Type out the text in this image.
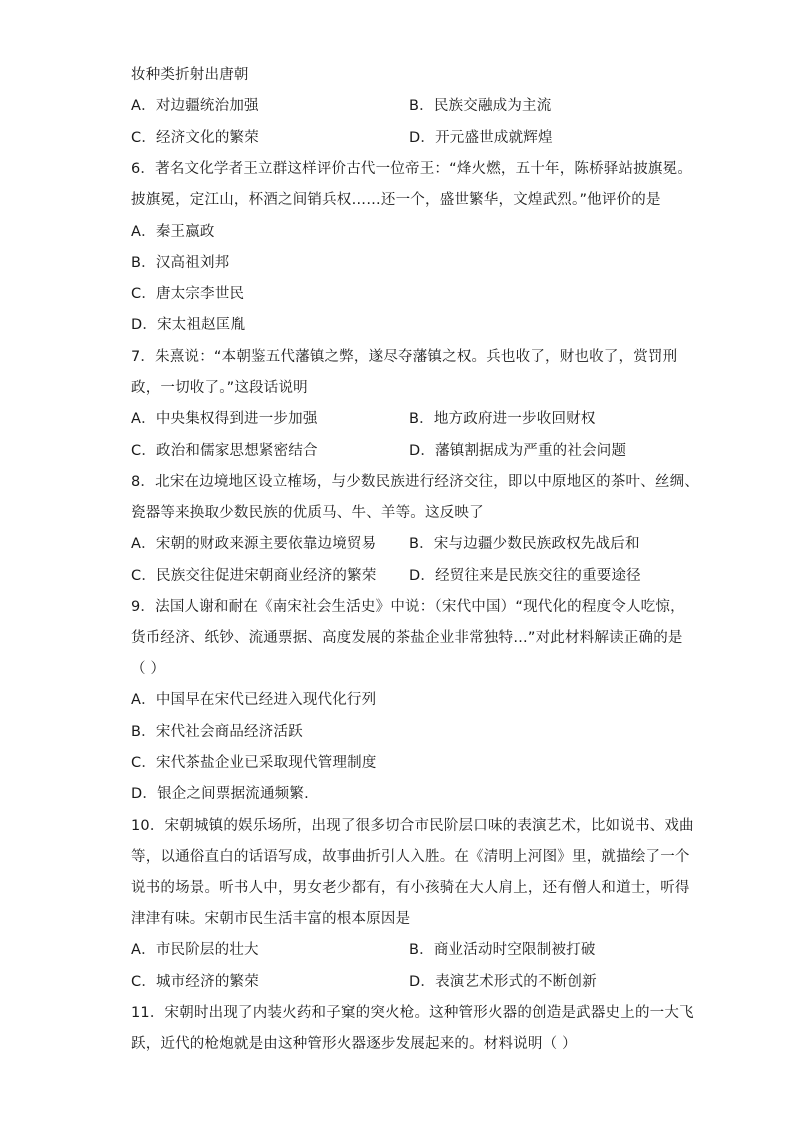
妆种类折射出唐朝
A．对边疆统治加强	B．民族交融成为主流
C．经济文化的繁荣	D．开元盛世成就辉煌
6．著名文化学者王立群这样评价古代一位帝王：“烽火燃，五十年，陈桥驿站披旗冕。
披旗冕，定江山，杯酒之间销兵权……还一个，盛世繁华，文煌武烈。”他评价的是
A．秦王嬴政
B．汉高祖刘邦
C．唐太宗李世民
D．宋太祖赵匡胤
7．朱熹说：“本朝鉴五代藩镇之弊，遂尽夺藩镇之权。兵也收了，财也收了，赏罚刑
政，一切收了。”这段话说明
A．中央集权得到进一步加强	B．地方政府进一步收回财权
C．政治和儒家思想紧密结合	D．藩镇割据成为严重的社会问题
8．北宋在边境地区设立榷场，与少数民族进行经济交往，即以中原地区的茶叶、丝绸、
瓷器等来换取少数民族的优质马、牛、羊等。这反映了
A．宋朝的财政来源主要依靠边境贸易 B．宋与边疆少数民族政权先战后和
C．民族交往促进宋朝商业经济的繁荣 D．经贸往来是民族交往的重要途径
9．法国人谢和耐在《南宋社会生活史》中说：（宋代中国）“现代化的程度令人吃惊，
货币经济、纸钞、流通票据、高度发展的茶盐企业非常独特…”对此材料解读正确的是
（ ）
A．中国早在宋代已经进入现代化行列
B．宋代社会商品经济活跃
C．宋代茶盐企业已采取现代管理制度
D．银企之间票据流通频繁.
10．宋朝城镇的娱乐场所，出现了很多切合市民阶层口味的表演艺术，比如说书、戏曲
等，以通俗直白的话语写成，故事曲折引人入胜。在《清明上河图》里，就描绘了一个
说书的场景。听书人中，男女老少都有，有小孩骑在大人肩上，还有僧人和道士，听得
津津有味。宋朝市民生活丰富的根本原因是
A．市民阶层的壮大	B．商业活动时空限制被打破
C．城市经济的繁荣	D．表演艺术形式的不断创新
11．宋朝时出现了内装火药和子窠的突火枪。这种管形火器的创造是武器史上的一大飞
跃，近代的枪炮就是由这种管形火器逐步发展起来的。材料说明（ ）
